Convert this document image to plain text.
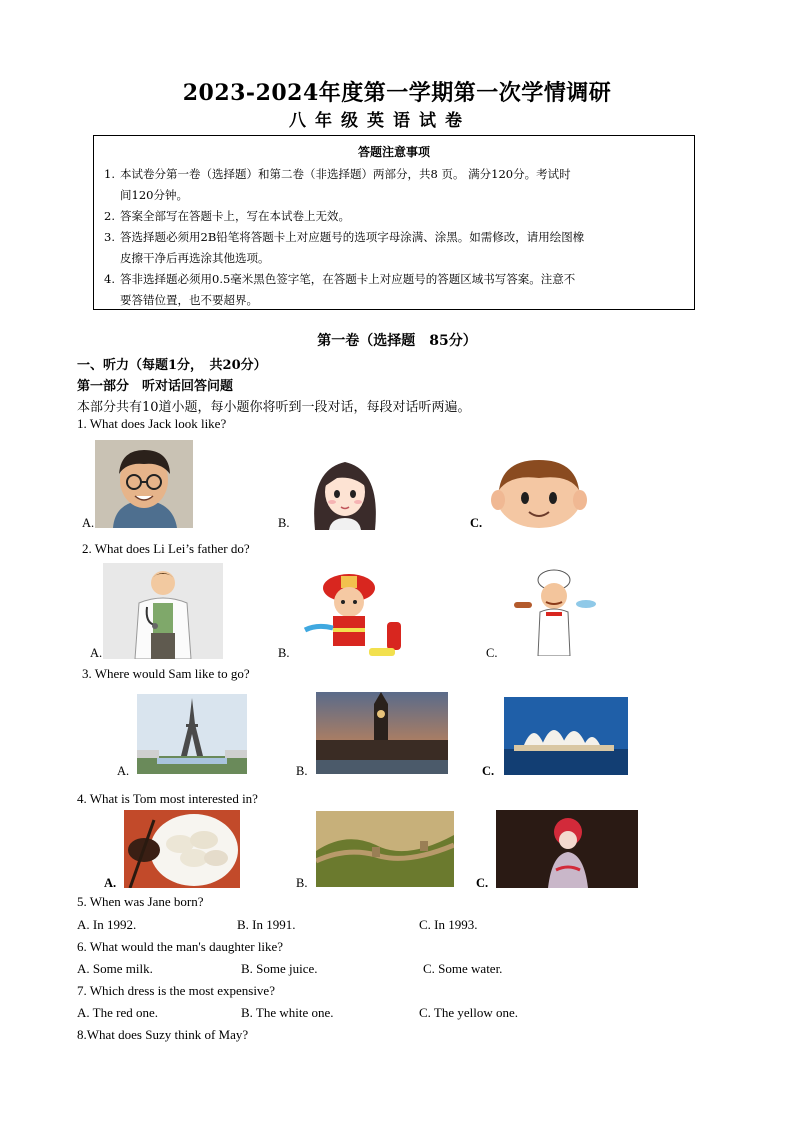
2023-2024年度第一学期第一次学情调研
八年级英语试卷
答题注意事项
1. 本试卷分第一卷（选择题）和第二卷（非选择题）两部分，共8 页。 满分120分。考试时
间120分钟。
2. 答案全部写在答题卡上，写在本试卷上无效。
3. 答选择题必须用2B铅笔将答题卡上对应题号的选项字母涂满、涂黑。如需修改，请用绘图橡
皮擦干净后再选涂其他选项。
4. 答非选择题必须用0.5毫米黑色签字笔，在答题卡上对应题号的答题区域书写答案。注意不
要答错位置，也不要超界。
第一卷（选择题　85分）
一、听力（每题1分，　共20分）
第一部分　听对话回答问题
本部分共有10道小题，每小题你将听到一段对话，每段对话听两遍。
1. What does Jack look like?
A.	B.	C.
2. What does Li Lei’s father do?
A.	B.	C.
3. Where would Sam like to go?
A.	B.	C.
4. What is Tom most interested in?
A.	B.	C.
5. When was Jane born?
A. In 1992.	B. In 1991.	C. In 1993.
6. What would the man's daughter like?
A. Some milk.	B. Some juice.	C. Some water.
7. Which dress is the most expensive?
A. The red one.	B. The white one.	C. The yellow one.
8.What does Suzy think of May?
